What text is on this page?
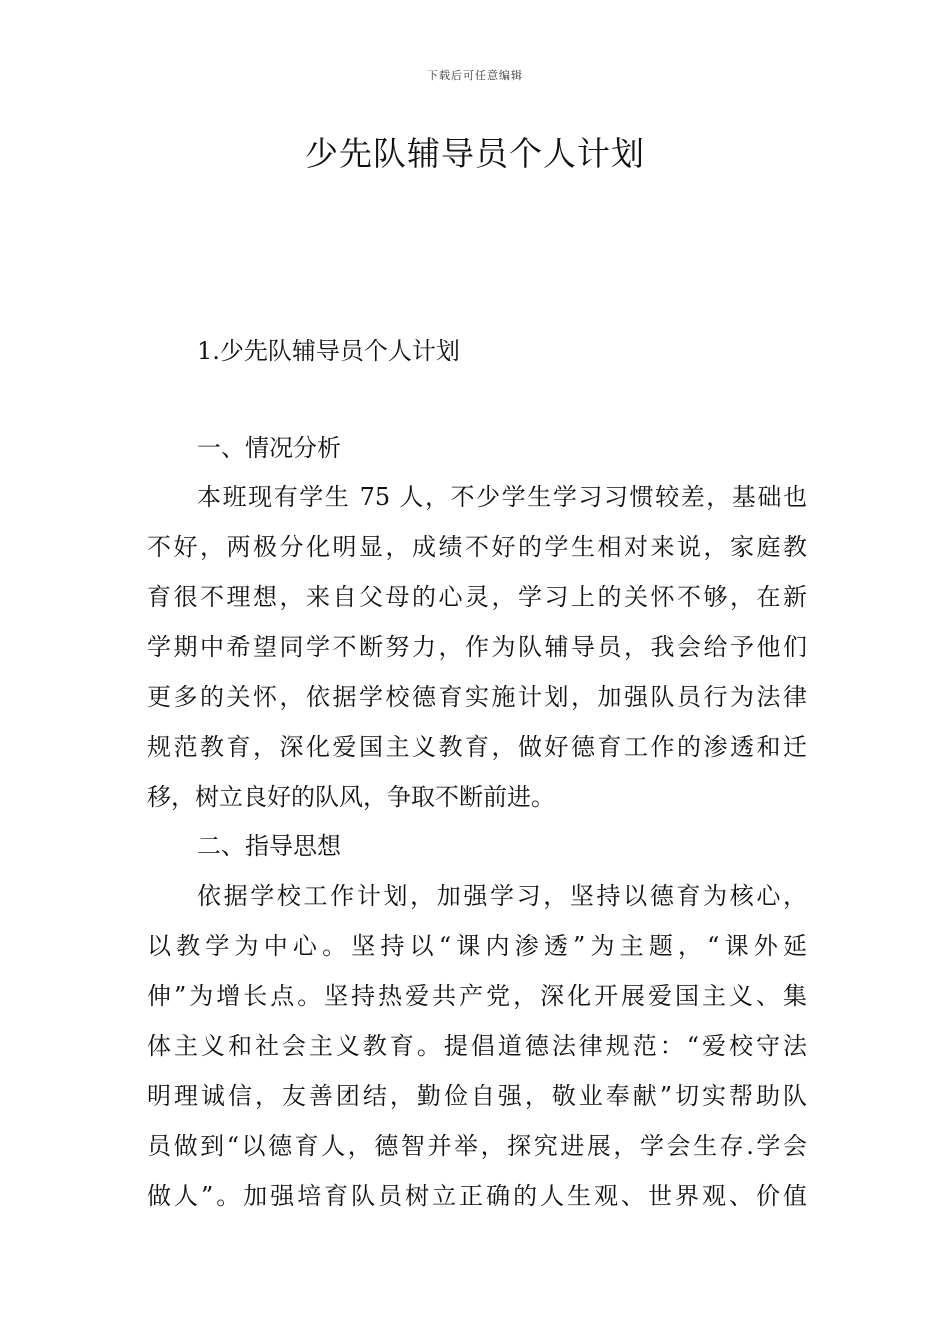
下载后可任意编辑
少先队辅导员个人计划
1.少先队辅导员个人计划
一、情况分析
本班现有学生 75 人，不少学生学习习惯较差，基础也
不好，两极分化明显，成绩不好的学生相对来说，家庭教
育很不理想，来自父母的心灵，学习上的关怀不够，在新
学期中希望同学不断努力，作为队辅导员，我会给予他们
更多的关怀，依据学校德育实施计划，加强队员行为法律
规范教育，深化爱国主义教育，做好德育工作的渗透和迁
移，树立良好的队风，争取不断前进。
二、指导思想
依据学校工作计划，加强学习，坚持以德育为核心，
以教学为中心。坚持以“课内渗透”为主题，“课外延
伸”为增长点。坚持热爱共产党，深化开展爱国主义、集
体主义和社会主义教育。提倡道德法律规范：“爱校守法
明理诚信，友善团结，勤俭自强，敬业奉献”切实帮助队
员做到“以德育人，德智并举，探究进展，学会生存.学会
做人”。加强培育队员树立正确的人生观、世界观、价值
